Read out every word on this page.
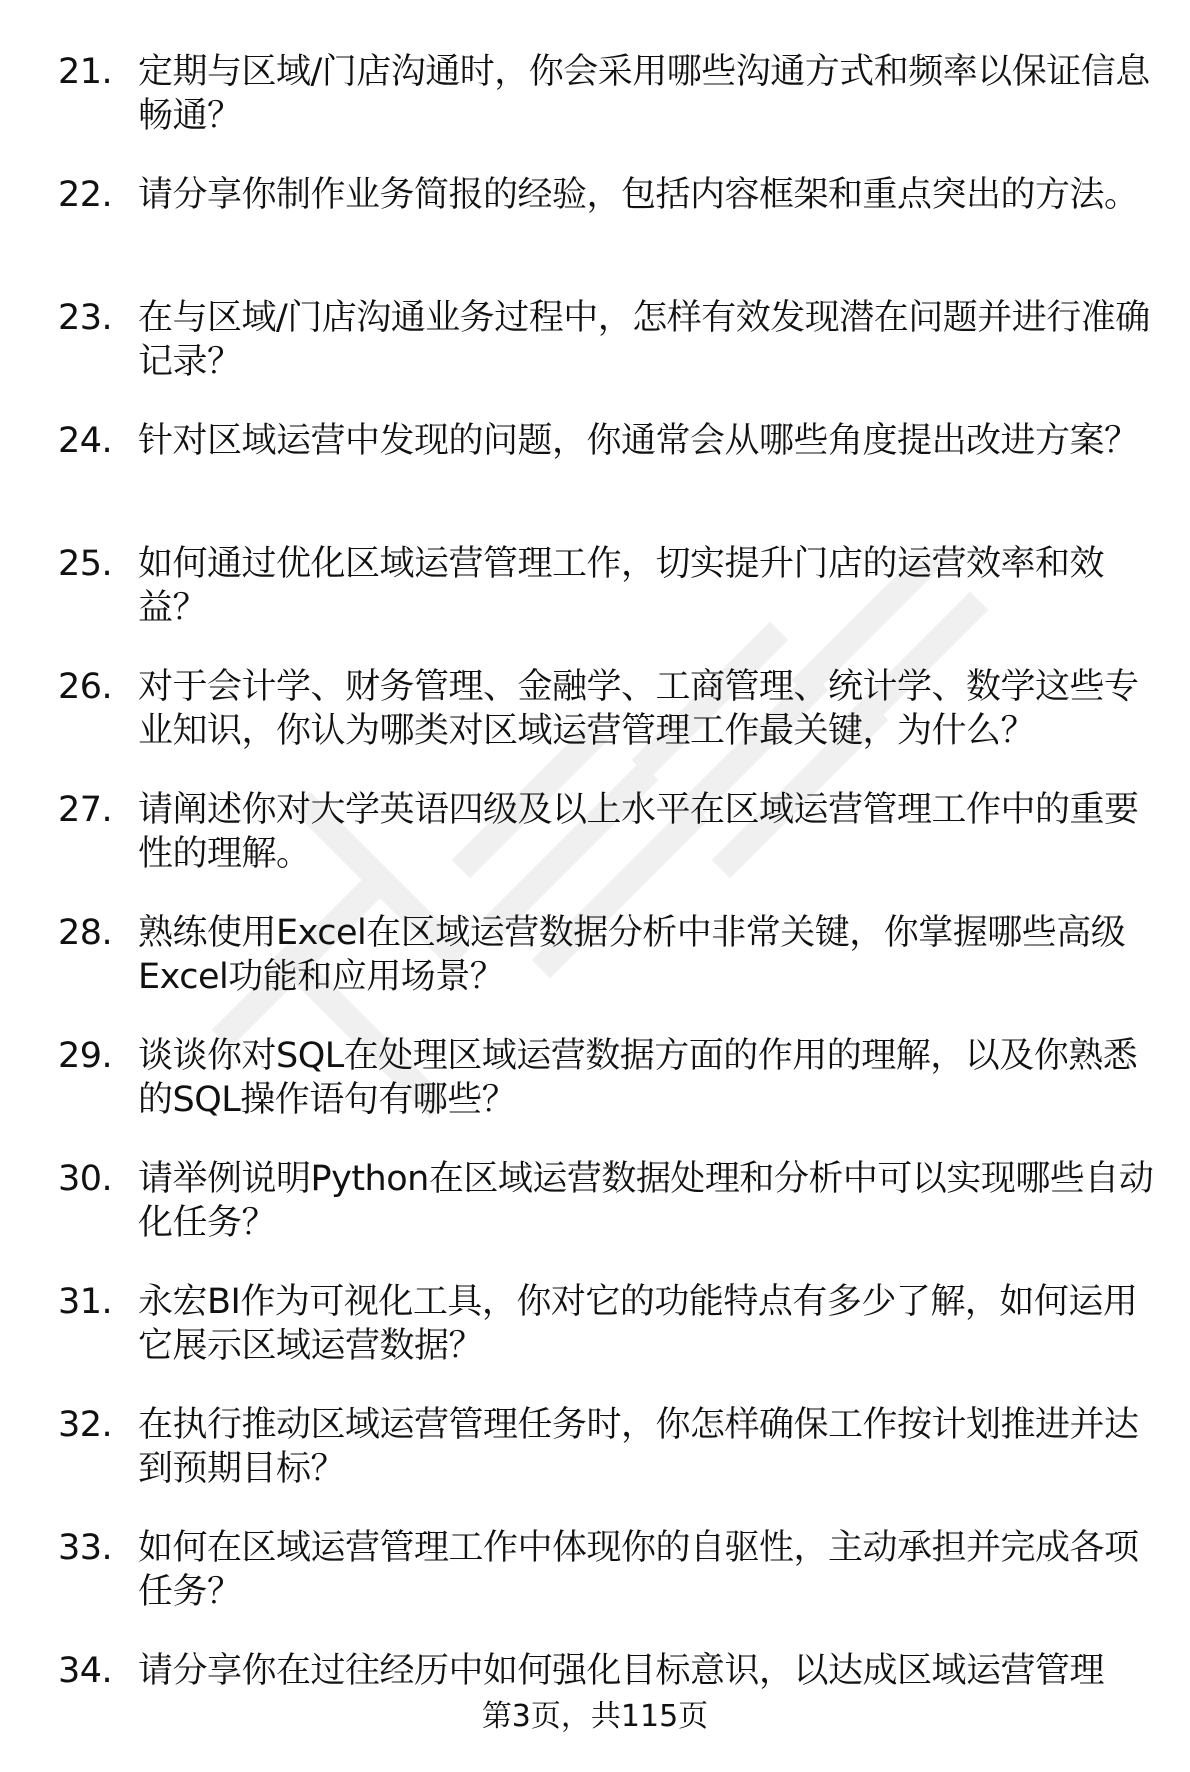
21. 定期与区域/门店沟通时，你会采用哪些沟通方式和频率以保证信息畅通？
22. 请分享你制作业务简报的经验，包括内容框架和重点突出的方法。
23. 在与区域/门店沟通业务过程中，怎样有效发现潜在问题并进行准确记录？
24. 针对区域运营中发现的问题，你通常会从哪些角度提出改进方案？
25. 如何通过优化区域运营管理工作，切实提升门店的运营效率和效益？
26. 对于会计学、财务管理、金融学、工商管理、统计学、数学这些专业知识，你认为哪类对区域运营管理工作最关键，为什么？
27. 请阐述你对大学英语四级及以上水平在区域运营管理工作中的重要性的理解。
28. 熟练使用Excel在区域运营数据分析中非常关键，你掌握哪些高级Excel功能和应用场景？
29. 谈谈你对SQL在处理区域运营数据方面的作用的理解，以及你熟悉的SQL操作语句有哪些？
30. 请举例说明Python在区域运营数据处理和分析中可以实现哪些自动化任务？
31. 永宏BI作为可视化工具，你对它的功能特点有多少了解，如何运用它展示区域运营数据？
32. 在执行推动区域运营管理任务时，你怎样确保工作按计划推进并达到预期目标？
33. 如何在区域运营管理工作中体现你的自驱性，主动承担并完成各项任务？
34. 请分享你在过往经历中如何强化目标意识，以达成区域运营管理
第3页，共115页
